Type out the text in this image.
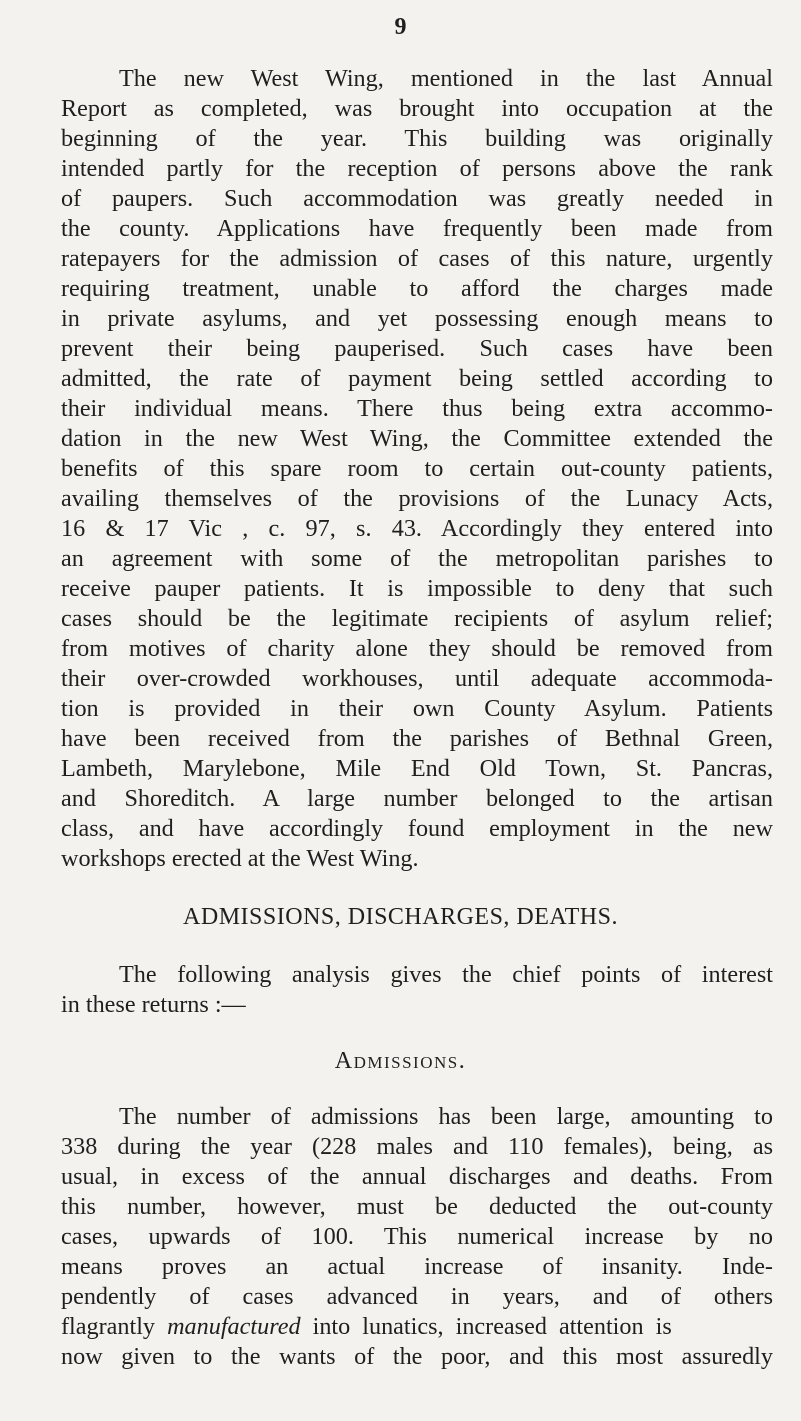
9
The new West Wing, mentioned in the last Annual
Report as completed, was brought into occupation at the
beginning of the year. This building was originally
intended partly for the reception of persons above the rank
of paupers. Such accommodation was greatly needed in
the county. Applications have frequently been made from
ratepayers for the admission of cases of this nature, urgently
requiring treatment, unable to afford the charges made
in private asylums, and yet possessing enough means to
prevent their being pauperised. Such cases have been
admitted, the rate of payment being settled according to
their individual means. There thus being extra accommo-
dation in the new West Wing, the Committee extended the
benefits of this spare room to certain out-county patients,
availing themselves of the provisions of the Lunacy Acts,
16 & 17 Vic , c. 97, s. 43. Accordingly they entered into
an agreement with some of the metropolitan parishes to
receive pauper patients. It is impossible to deny that such
cases should be the legitimate recipients of asylum relief;
from motives of charity alone they should be removed from
their over-crowded workhouses, until adequate accommoda-
tion is provided in their own County Asylum. Patients
have been received from the parishes of Bethnal Green,
Lambeth, Marylebone, Mile End Old Town, St. Pancras,
and Shoreditch. A large number belonged to the artisan
class, and have accordingly found employment in the new
workshops erected at the West Wing.
ADMISSIONS, DISCHARGES, DEATHS.
The following analysis gives the chief points of interest
in these returns :—
Admissions.
The number of admissions has been large, amounting to
338 during the year (228 males and 110 females), being, as
usual, in excess of the annual discharges and deaths. From
this number, however, must be deducted the out-county
cases, upwards of 100. This numerical increase by no
means proves an actual increase of insanity. Inde-
pendently of cases advanced in years, and of others
flagrantly manufactured into lunatics, increased attention is
now given to the wants of the poor, and this most assuredly
